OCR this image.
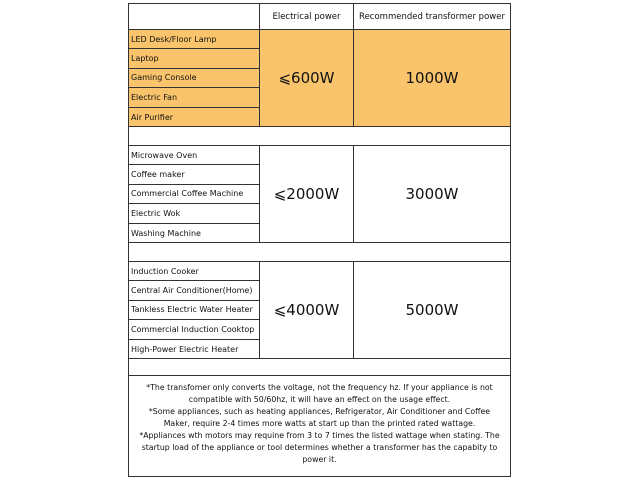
Electrical power	Recommended transformer power
LED Desk/Floor Lamp
Laptop
Gaming Console
Electric Fan
Air Purifier
⩽600W	1000W
Microwave Oven
Coffee maker
Commercial Coffee Machine
Electric Wok
Washing Machine
⩽2000W	3000W
Induction Cooker
Central Air Conditioner(Home)
Tankless Electric Water Heater
Commercial Induction Cooktop
High-Power Electric Heater
⩽4000W	5000W

*The transfomer only converts the voltage, not the frequency hz. If your appliance is not compatible with 50/60hz, it will have an effect on the usage effect.

*Some appliances, such as heating appliances, Refrigerator, Air Conditioner and Coffee Maker, require 2-4 times more watts at start up than the printed rated wattage.

*Appliances wth motors may requine from 3 to 7 times the listed wattage when stating. The startup load of the appliance or tool determines whether a transformer has the capabity to power it.
